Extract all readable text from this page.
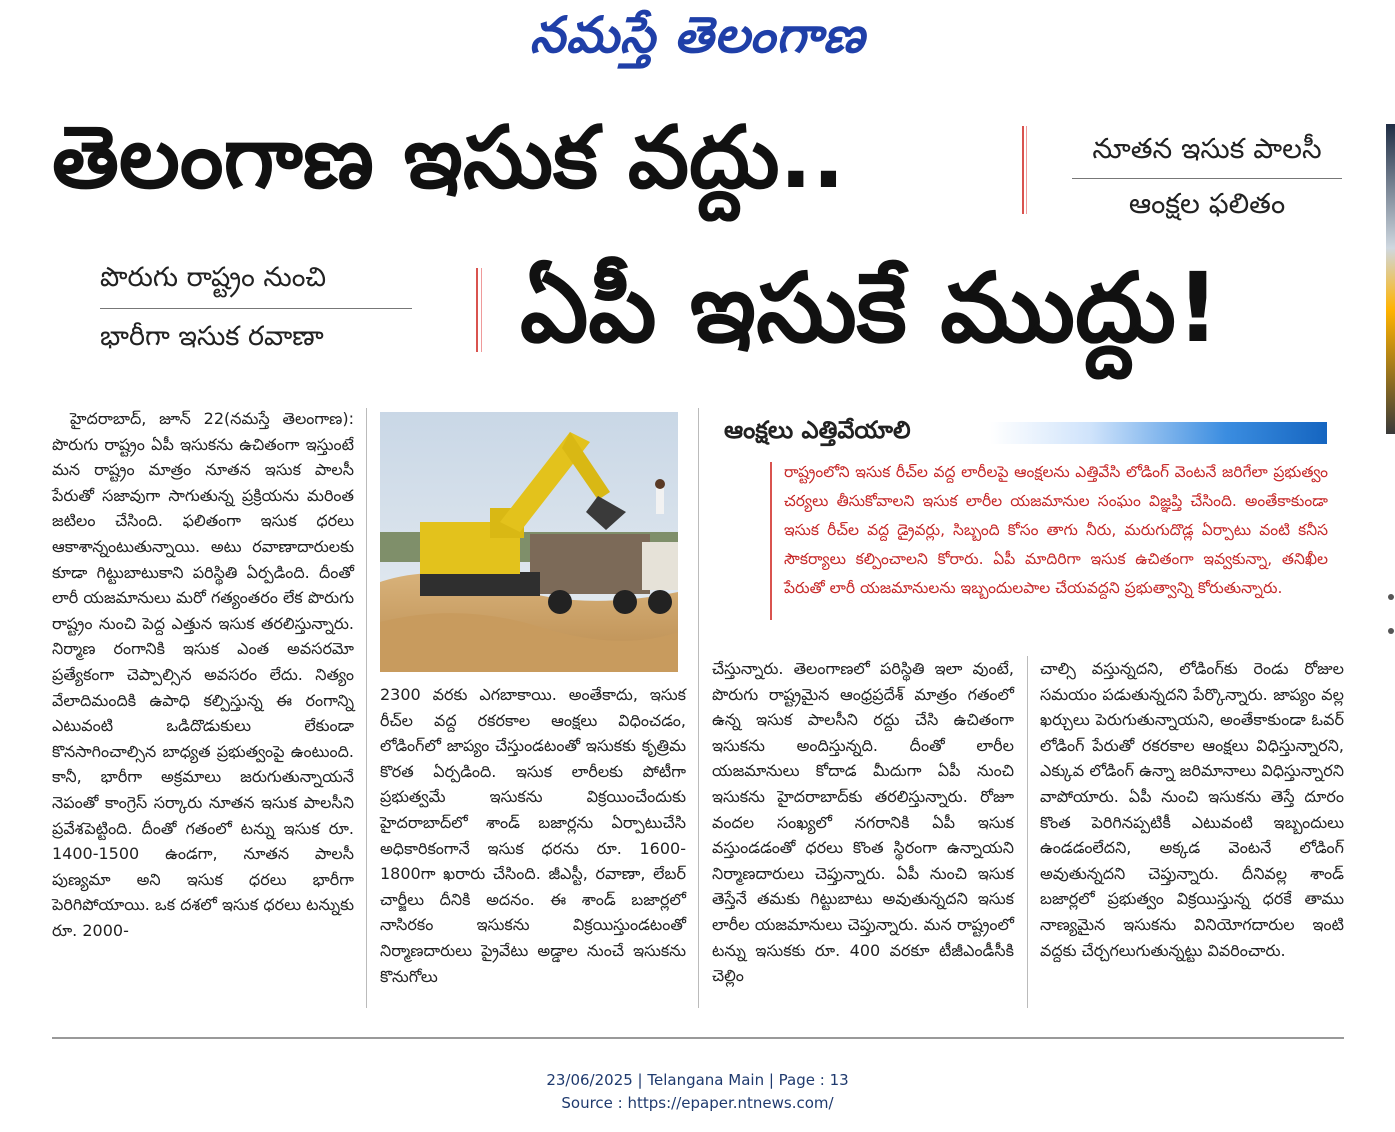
నమస్తే తెలంగాణ
తెలంగాణ ఇసుక వద్దు..	నూతన ఇసుక పాలసీ
ఆంక్షల ఫలితం
పొరుగు రాష్ట్రం నుంచి
భారీగా ఇసుక రవాణా	ఏపీ ఇసుకే ముద్దు!
ఆంక్షలు ఎత్తివేయాలి
రాష్ట్రంలోని ఇసుక రీచ్‌ల వద్ద లారీలపై ఆంక్షలను ఎత్తివేసి లోడింగ్ వెంటనే జరిగేలా ప్రభుత్వం చర్యలు తీసుకోవాలని ఇసుక లారీల యజమానుల సంఘం విజ్ఞప్తి చేసింది. అంతేకాకుండా ఇసుక రీచ్‌ల వద్ద డ్రైవర్లు, సిబ్బంది కోసం తాగు నీరు, మరుగుదొడ్ల ఏర్పాటు వంటి కనీస సౌకర్యాలు కల్పించాలని కోరారు. ఏపీ మాదిరిగా ఇసుక ఉచితంగా ఇవ్వకున్నా, తనిఖీల పేరుతో లారీ యజమానులను ఇబ్బందులపాల చేయవద్దని ప్రభుత్వాన్ని కోరుతున్నారు.
హైదరాబాద్, జూన్ 22(నమస్తే తెలంగాణ): పొరుగు రాష్ట్రం ఏపీ ఇసుకను ఉచితంగా ఇస్తుంటే మన రాష్ట్రం మాత్రం నూతన ఇసుక పాలసీ పేరుతో సజావుగా సాగుతున్న ప్రక్రియను మరింత జటిలం చేసింది. ఫలితంగా ఇసుక ధరలు ఆకాశాన్నంటుతున్నాయి. అటు రవాణాదారులకు కూడా గిట్టుబాటుకాని పరిస్థితి ఏర్పడింది. దీంతో లారీ యజమానులు మరో గత్యంతరం లేక పొరుగు రాష్ట్రం నుంచి పెద్ద ఎత్తున ఇసుక తరలిస్తున్నారు. నిర్మాణ రంగానికి ఇసుక ఎంత అవసరమో ప్రత్యేకంగా చెప్పాల్సిన అవసరం లేదు. నిత్యం వేలాదిమందికి ఉపాధి కల్పిస్తున్న ఈ రంగాన్ని ఎటువంటి ఒడిదొడుకులు లేకుండా కొనసాగించాల్సిన బాధ్యత ప్రభుత్వంపై ఉంటుంది. కానీ, భారీగా అక్రమాలు జరుగుతున్నాయనే నెపంతో కాంగ్రెస్ సర్కారు నూతన ఇసుక పాలసీని ప్రవేశపెట్టింది. దీంతో గతంలో టన్ను ఇసుక రూ. 1400-1500 ఉండగా, నూతన పాలసీ పుణ్యమా అని ఇసుక ధరలు భారీగా పెరిగిపోయాయి. ఒక దశలో ఇసుక ధరలు టన్నుకు రూ. 2000-
2300 వరకు ఎగబాకాయి. అంతేకాదు, ఇసుక రీచ్‌ల వద్ద రకరకాల ఆంక్షలు విధించడం, లోడింగ్‌లో జాప్యం చేస్తుండటంతో ఇసుకకు కృత్రిమ కొరత ఏర్పడింది. ఇసుక లారీలకు పోటీగా ప్రభుత్వమే ఇసుకను విక్రయించేందుకు హైదరాబాద్‌లో శాండ్ బజార్లను ఏర్పాటుచేసి అధికారికంగానే ఇసుక ధరను రూ. 1600-1800గా ఖరారు చేసింది. జీఎస్టీ, రవాణా, లేబర్ చార్జీలు దీనికి అదనం. ఈ శాండ్ బజార్లలో నాసిరకం ఇసుకను విక్రయిస్తుండటంతో నిర్మాణదారులు ప్రైవేటు అడ్డాల నుంచే ఇసుకను కొనుగోలు
చేస్తున్నారు. తెలంగాణలో పరిస్థితి ఇలా వుంటే, పొరుగు రాష్ట్రమైన ఆంధ్రప్రదేశ్ మాత్రం గతంలో ఉన్న ఇసుక పాలసీని రద్దు చేసి ఉచితంగా ఇసుకను అందిస్తున్నది. దీంతో లారీల యజమానులు కోదాడ మీదుగా ఏపీ నుంచి ఇసుకను హైదరాబాద్‌కు తరలిస్తున్నారు. రోజూ వందల సంఖ్యలో నగరానికి ఏపీ ఇసుక వస్తుండడంతో ధరలు కొంత స్థిరంగా ఉన్నాయని నిర్మాణదారులు చెప్తున్నారు. ఏపీ నుంచి ఇసుక తెస్తేనే తమకు గిట్టుబాటు అవుతున్నదని ఇసుక లారీల యజమానులు చెప్తున్నారు. మన రాష్ట్రంలో టన్ను ఇసుకకు రూ. 400 వరకూ టీజీఎండీసీకి చెల్లిం
చాల్సి వస్తున్నదని, లోడింగ్‌కు రెండు రోజుల సమయం పడుతున్నదని పేర్కొన్నారు. జాప్యం వల్ల ఖర్చులు పెరుగుతున్నాయని, అంతేకాకుండా ఓవర్ లోడింగ్ పేరుతో రకరకాల ఆంక్షలు విధిస్తున్నారని, ఎక్కువ లోడింగ్ ఉన్నా జరిమానాలు విధిస్తున్నారని వాపోయారు. ఏపీ నుంచి ఇసుకను తెస్తే దూరం కొంత పెరిగినప్పటికీ ఎటువంటి ఇబ్బందులు ఉండడంలేదని, అక్కడ వెంటనే లోడింగ్ అవుతున్నదని చెప్తున్నారు. దీనివల్ల శాండ్ బజార్లలో ప్రభుత్వం విక్రయిస్తున్న ధరకే తాము నాణ్యమైన ఇసుకను వినియోగదారుల ఇంటి వద్దకు చేర్చగలుగుతున్నట్టు వివరించారు.
23/06/2025 | Telangana Main | Page : 13
Source : https://epaper.ntnews.com/
